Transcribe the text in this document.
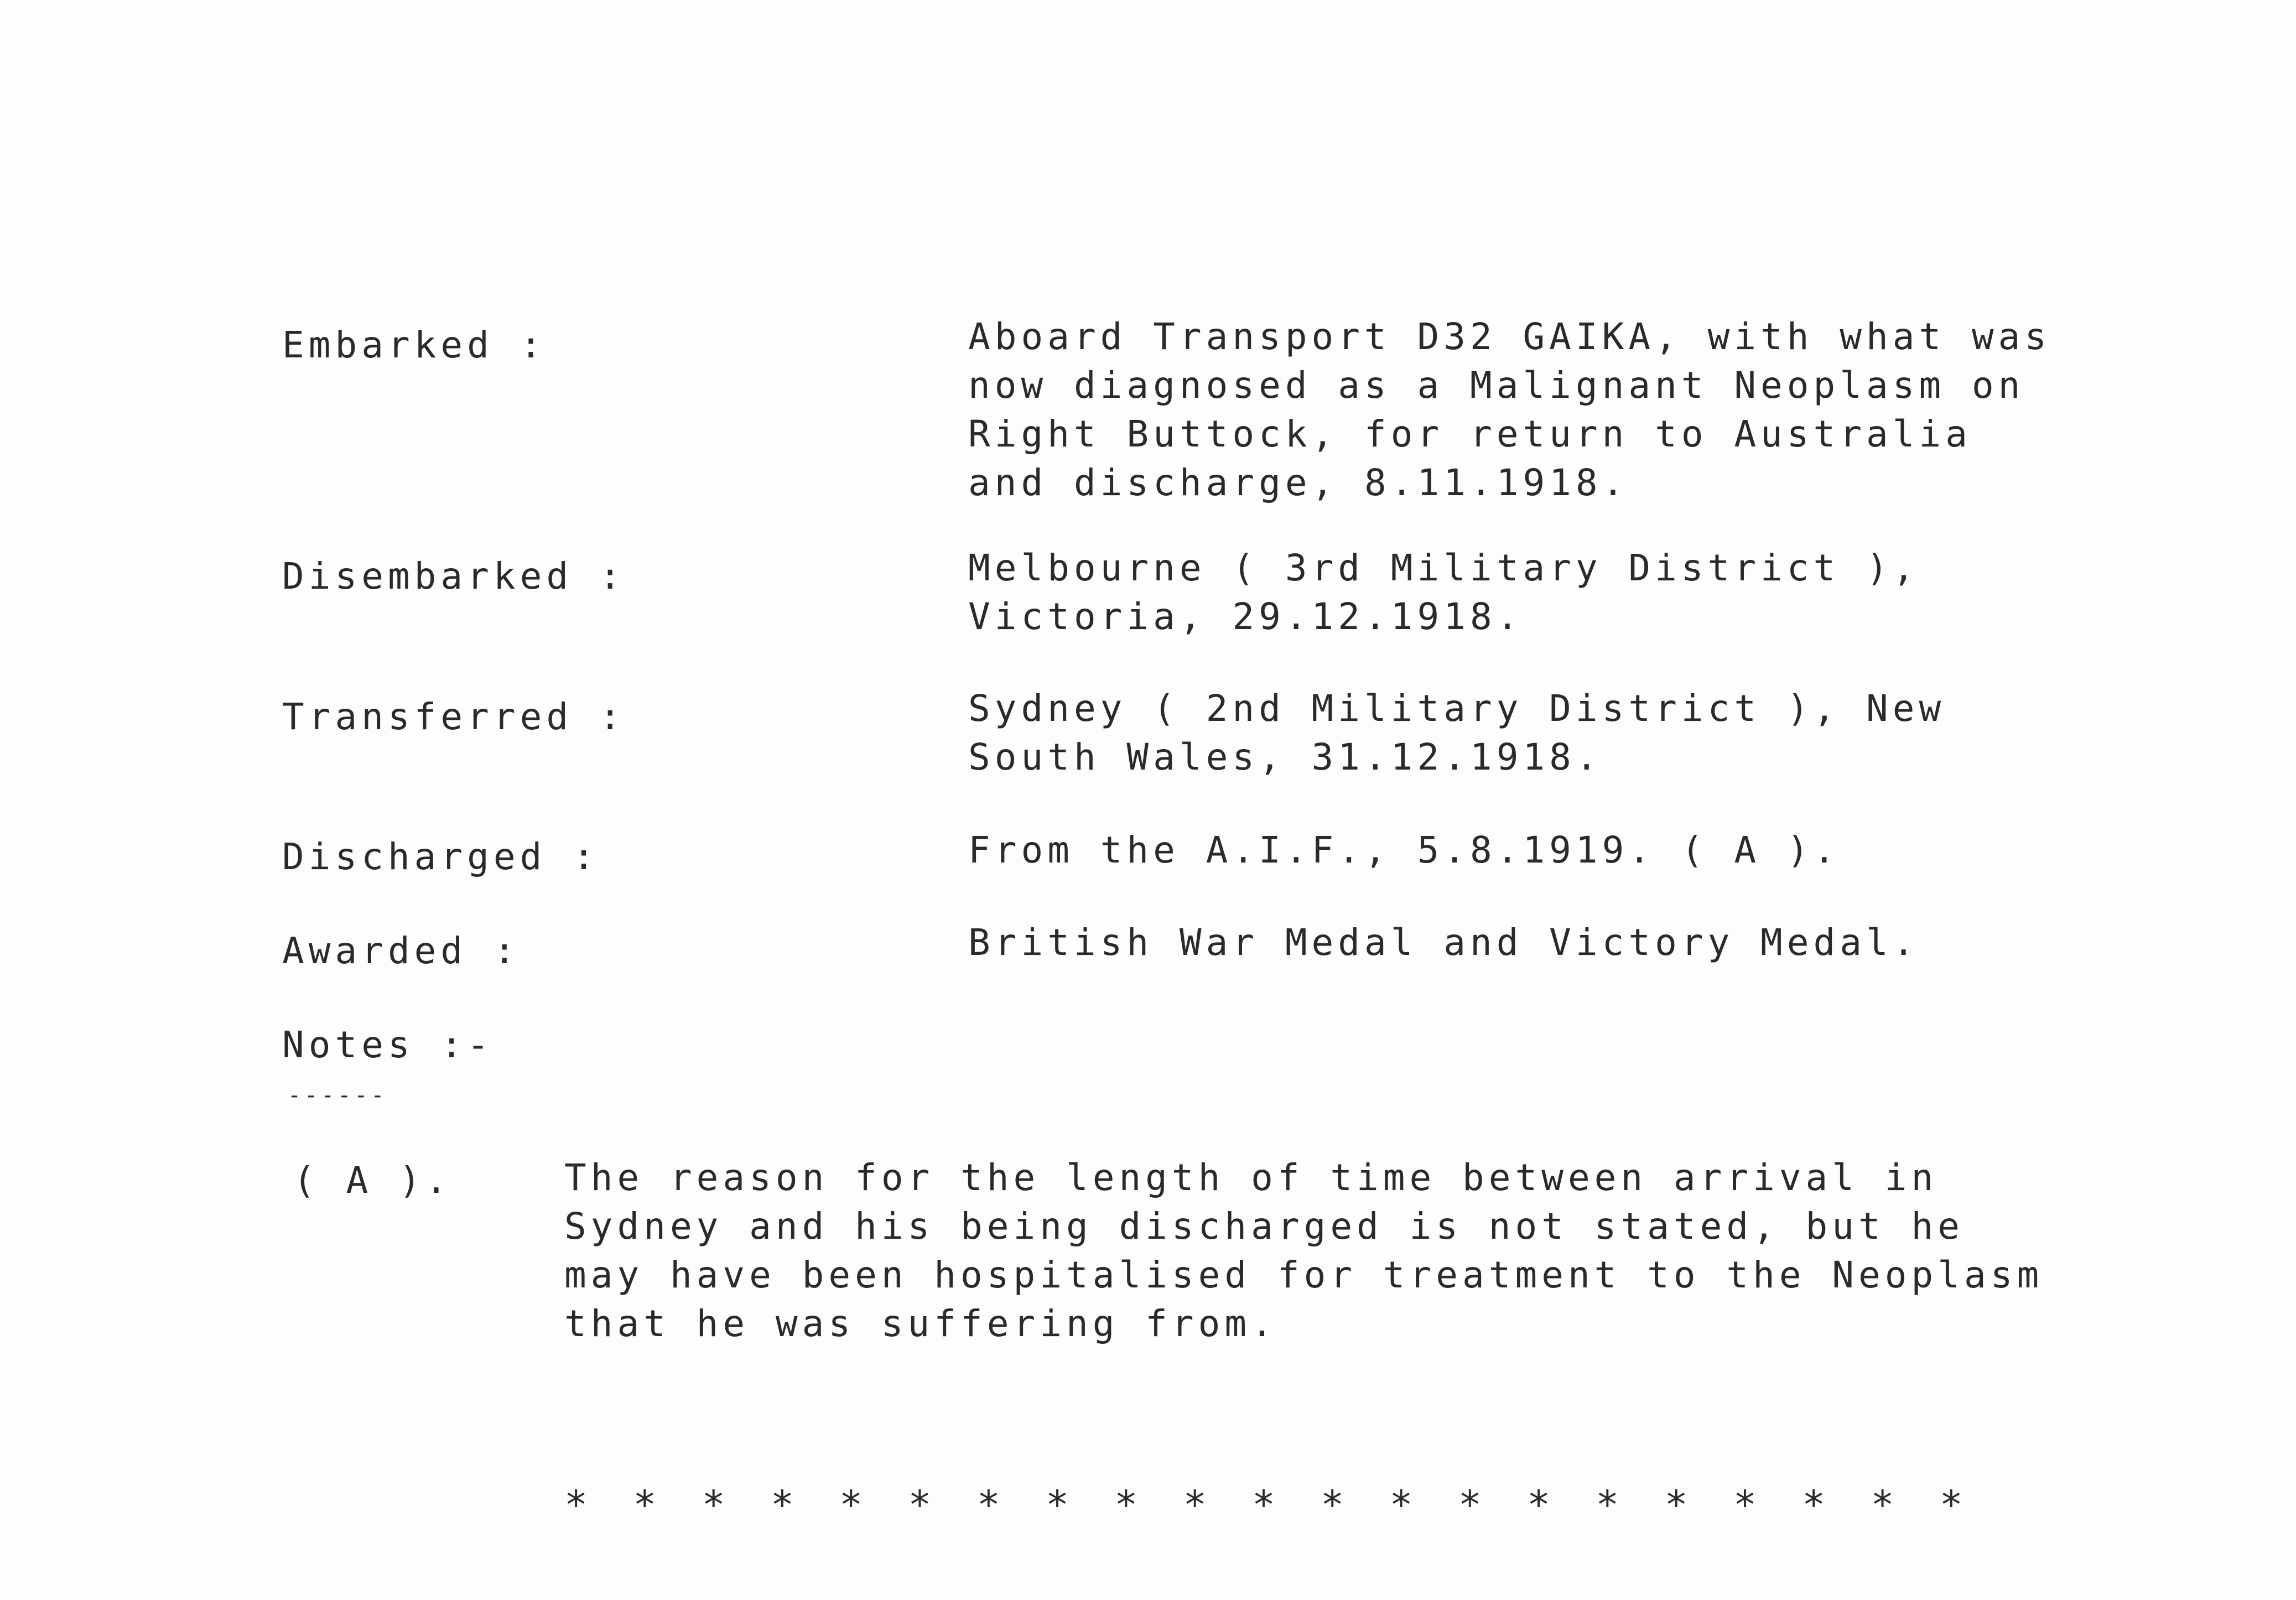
Embarked :	Aboard Transport D32 GAIKA, with what was
now diagnosed as a Malignant Neoplasm on
Right Buttock, for return to Australia
and discharge, 8.11.1918.
Disembarked :	Melbourne ( 3rd Military District ),
Victoria, 29.12.1918.
Transferred :	Sydney ( 2nd Military District ), New
South Wales, 31.12.1918.
Discharged :	From the A.I.F., 5.8.1919. ( A ).
Awarded :	British War Medal and Victory Medal.
Notes :-
------
( A ).	The reason for the length of time between arrival in
Sydney and his being discharged is not stated, but he
may have been hospitalised for treatment to the Neoplasm
that he was suffering from.
* * * * * * * * * * * * * * * * * * * * *
